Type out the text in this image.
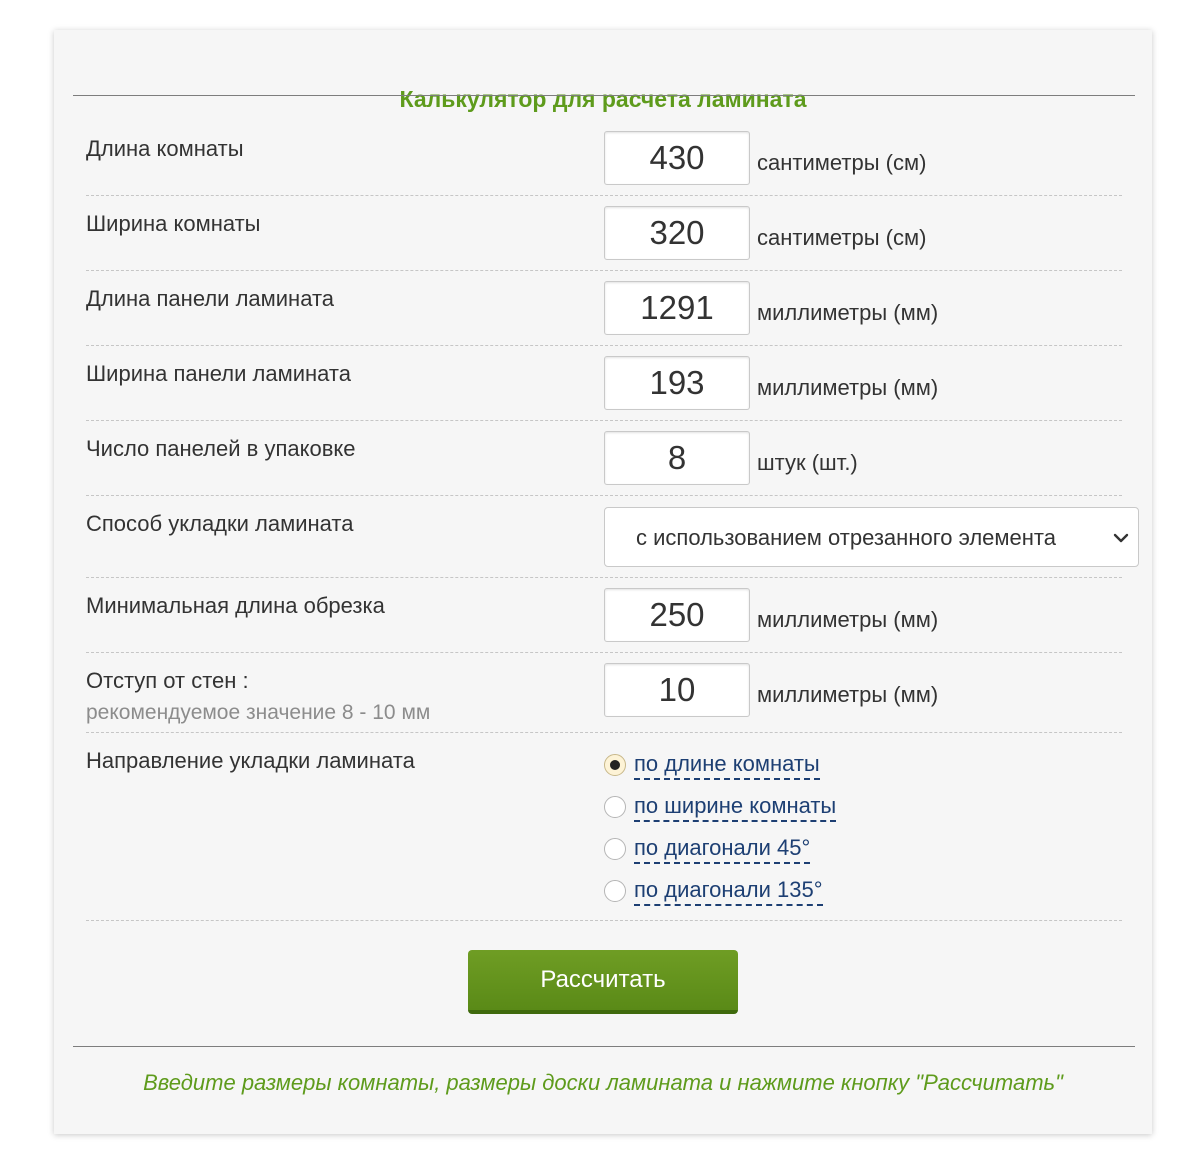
Калькулятор для расчета ламината
Длина комнаты
430
сантиметры (см)
Ширина комнаты
320
сантиметры (см)
Длина панели ламината
1291
миллиметры (мм)
Ширина панели ламината
193
миллиметры (мм)
Число панелей в упаковке
8
штук (шт.)
Способ укладки ламината
с использованием отрезанного элемента
Минимальная длина обрезка
250
миллиметры (мм)
Отступ от стен :
рекомендуемое значение 8 - 10 мм
10
миллиметры (мм)
Направление укладки ламината	по длине комнаты
по ширине комнаты
по диагонали 45°
по диагонали 135°
Рассчитать
Введите размеры комнаты, размеры доски ламината и нажмите кнопку "Рассчитать"
